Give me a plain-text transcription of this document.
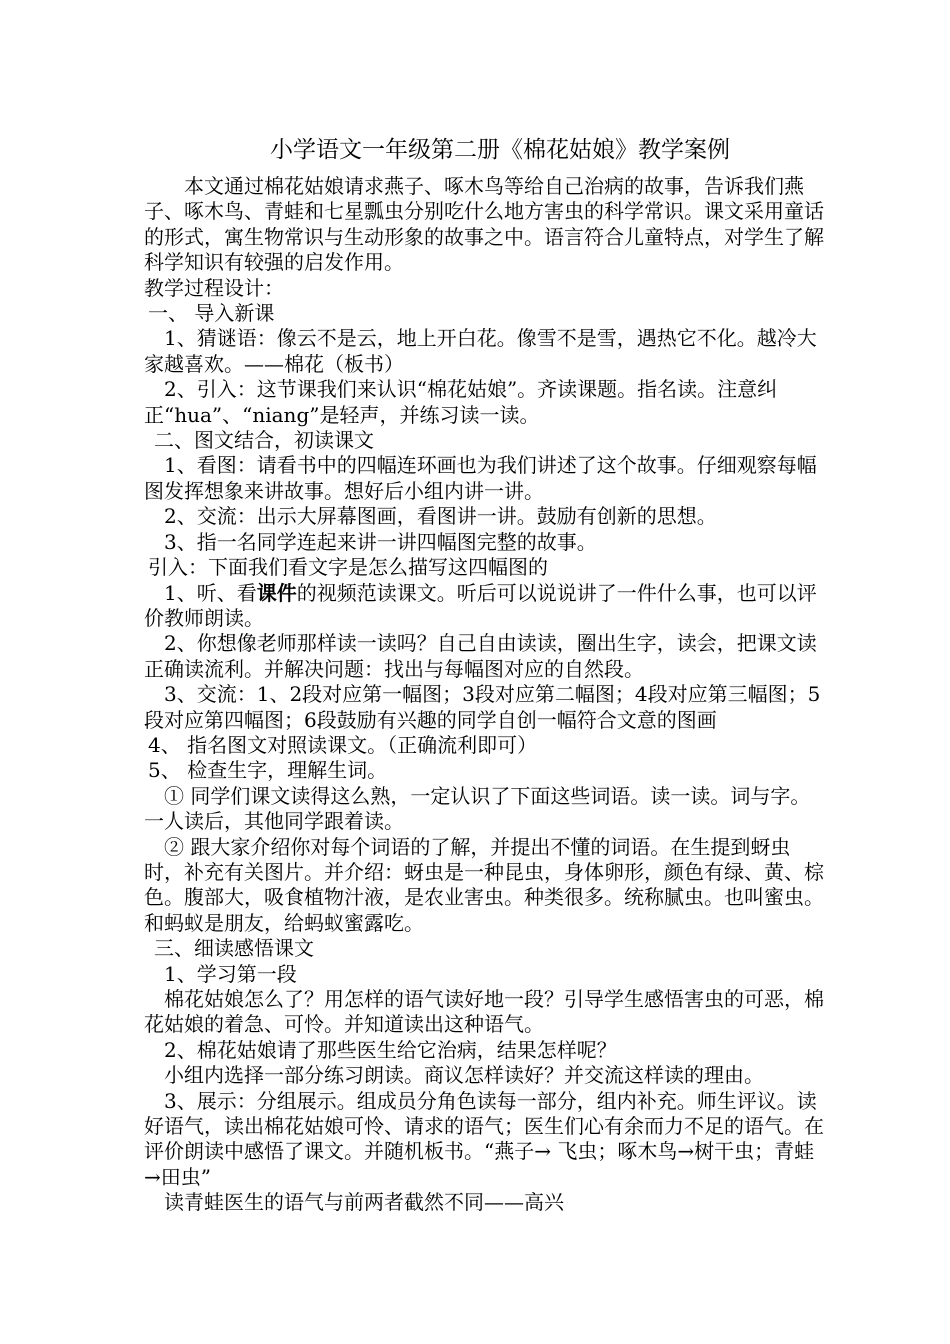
小学语文一年级第二册《棉花姑娘》教学案例

本文通过棉花姑娘请求燕子、啄木鸟等给自己治病的故事，告诉我们燕子、啄木鸟、青蛙和七星瓢虫分别吃什么地方害虫的科学常识。课文采用童话的形式，寓生物常识与生动形象的故事之中。语言符合儿童特点，对学生了解科学知识有较强的启发作用。

教学过程设计：

一、 导入新课

1、猜谜语：像云不是云，地上开白花。像雪不是雪，遇热它不化。越冷大家越喜欢。——棉花（板书）

2、引入：这节课我们来认识“棉花姑娘”。齐读课题。指名读。注意纠正“hua”、“niang”是轻声，并练习读一读。

二、图文结合，初读课文

1、看图：请看书中的四幅连环画也为我们讲述了这个故事。仔细观察每幅图发挥想象来讲故事。想好后小组内讲一讲。

2、交流：出示大屏幕图画，看图讲一讲。鼓励有创新的思想。

3、指一名同学连起来讲一讲四幅图完整的故事。

引入：下面我们看文字是怎么描写这四幅图的

1、听、看课件的视频范读课文。听后可以说说讲了一件什么事，也可以评价教师朗读。

2、你想像老师那样读一读吗？自己自由读读，圈出生字，读会，把课文读正确读流利。并解决问题：找出与每幅图对应的自然段。

3、交流：1、2段对应第一幅图；3段对应第二幅图；4段对应第三幅图；5段对应第四幅图；6段鼓励有兴趣的同学自创一幅符合文意的图画

4、 指名图文对照读课文。（正确流利即可）

5、 检查生字，理解生词。

① 同学们课文读得这么熟，一定认识了下面这些词语。读一读。词与字。一人读后，其他同学跟着读。

② 跟大家介绍你对每个词语的了解，并提出不懂的词语。在生提到蚜虫时，补充有关图片。并介绍：蚜虫是一种昆虫，身体卵形，颜色有绿、黄、棕色。腹部大，吸食植物汁液，是农业害虫。种类很多。统称腻虫。也叫蜜虫。和蚂蚁是朋友，给蚂蚁蜜露吃。

三、细读感悟课文

1、学习第一段

棉花姑娘怎么了？用怎样的语气读好地一段？引导学生感悟害虫的可恶，棉花姑娘的着急、可怜。并知道读出这种语气。

2、棉花姑娘请了那些医生给它治病，结果怎样呢？

小组内选择一部分练习朗读。商议怎样读好？并交流这样读的理由。

3、展示：分组展示。组成员分角色读每一部分，组内补充。师生评议。读好语气，读出棉花姑娘可怜、请求的语气；医生们心有余而力不足的语气。在评价朗读中感悟了课文。并随机板书。“燕子→ 飞虫；啄木鸟→树干虫；青蛙→田虫”

读青蛙医生的语气与前两者截然不同——高兴
